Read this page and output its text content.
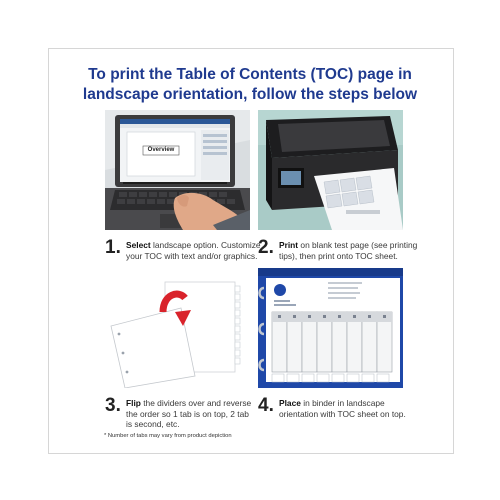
To print the Table of Contents (TOC) page in
landscape orientation, follow the steps below
Overview
1. Select landscape option. Customize your TOC with text and/or graphics. 2. Print on blank test page (see printing tips), then print onto TOC sheet.
3. Flip the dividers over and reverse the order so 1 tab is on top, 2 tab is second, etc.
4. Place in binder in landscape orientation with TOC sheet on top.
* Number of tabs may vary from product depiction
